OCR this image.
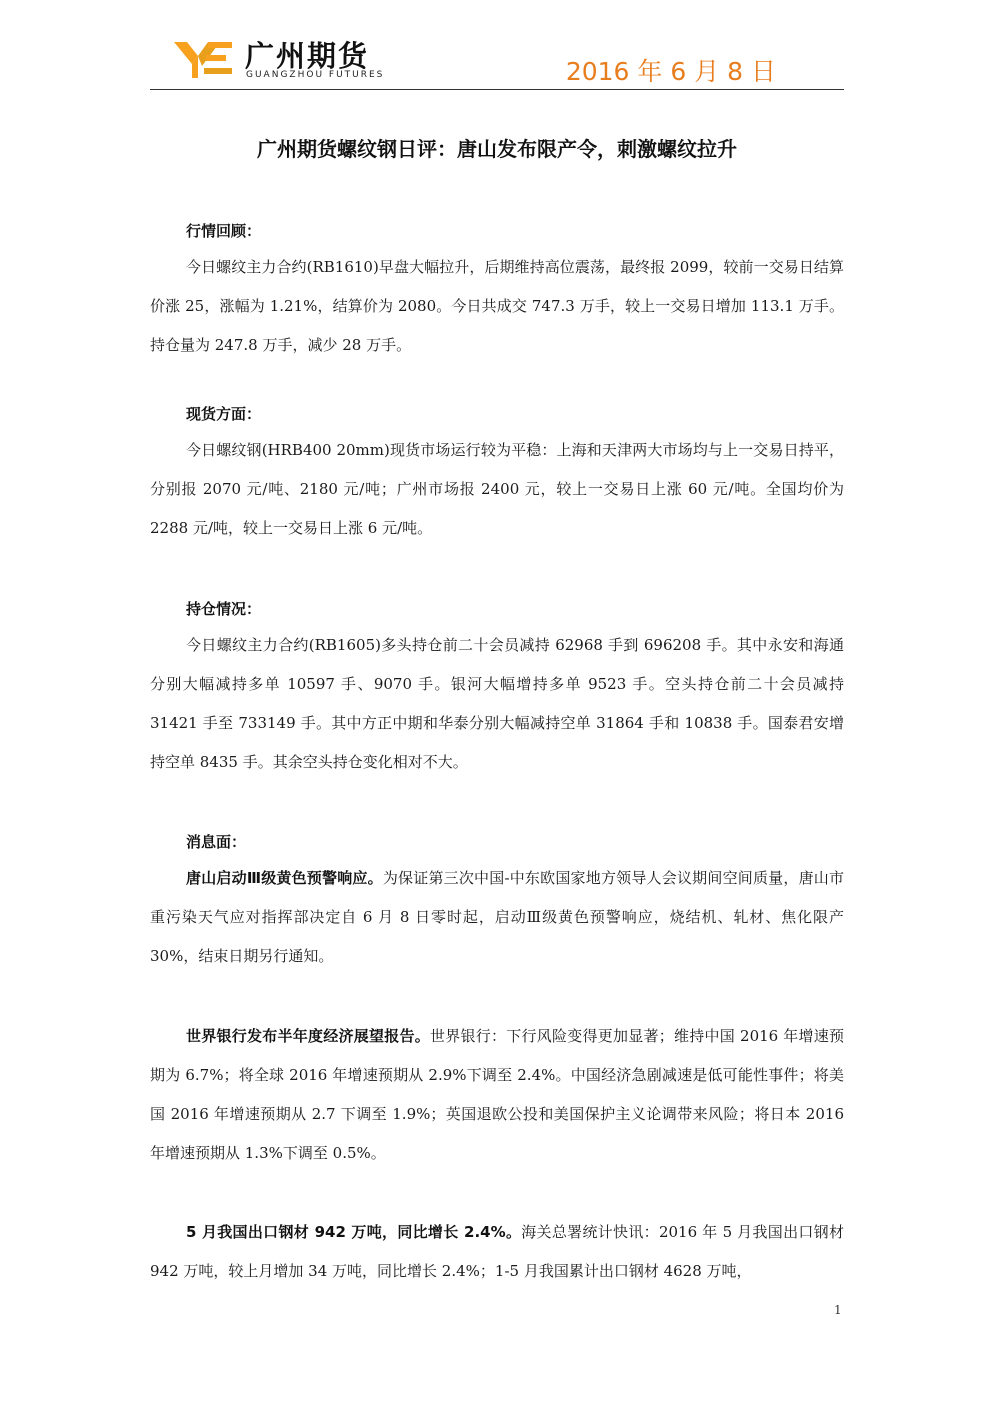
广州期货
GUANGZHOU FUTURES	2016 年 6 月 8 日
广州期货螺纹钢日评：唐山发布限产令，刺激螺纹拉升
行情回顾：
今日螺纹主力合约(RB1610)早盘大幅拉升，后期维持高位震荡，最终报 2099，较前一交易日结算价涨 25，涨幅为 1.21%，结算价为 2080。今日共成交 747.3 万手，较上一交易日增加 113.1 万手。持仓量为 247.8 万手，减少 28 万手。
现货方面：
今日螺纹钢(HRB400 20mm)现货市场运行较为平稳：上海和天津两大市场均与上一交易日持平，分别报 2070 元/吨、2180 元/吨；广州市场报 2400 元，较上一交易日上涨 60 元/吨。全国均价为 2288 元/吨，较上一交易日上涨 6 元/吨。
持仓情况：
今日螺纹主力合约(RB1605)多头持仓前二十会员减持 62968 手到 696208 手。其中永安和海通分别大幅减持多单 10597 手、9070 手。银河大幅增持多单 9523 手。空头持仓前二十会员减持 31421 手至 733149 手。其中方正中期和华泰分别大幅减持空单 31864 手和 10838 手。国泰君安增持空单 8435 手。其余空头持仓变化相对不大。
消息面：
唐山启动Ⅲ级黄色预警响应。为保证第三次中国-中东欧国家地方领导人会议期间空间质量，唐山市重污染天气应对指挥部决定自 6 月 8 日零时起，启动Ⅲ级黄色预警响应，烧结机、轧材、焦化限产 30%，结束日期另行通知。
世界银行发布半年度经济展望报告。世界银行：下行风险变得更加显著；维持中国 2016 年增速预期为 6.7%；将全球 2016 年增速预期从 2.9%下调至 2.4%。中国经济急剧减速是低可能性事件；将美国 2016 年增速预期从 2.7 下调至 1.9%；英国退欧公投和美国保护主义论调带来风险；将日本 2016 年增速预期从 1.3%下调至 0.5%。
5 月我国出口钢材 942 万吨，同比增长 2.4%。海关总署统计快讯：2016 年 5 月我国出口钢材 942 万吨，较上月增加 34 万吨，同比增长 2.4%；1-5 月我国累计出口钢材 4628 万吨，
1
